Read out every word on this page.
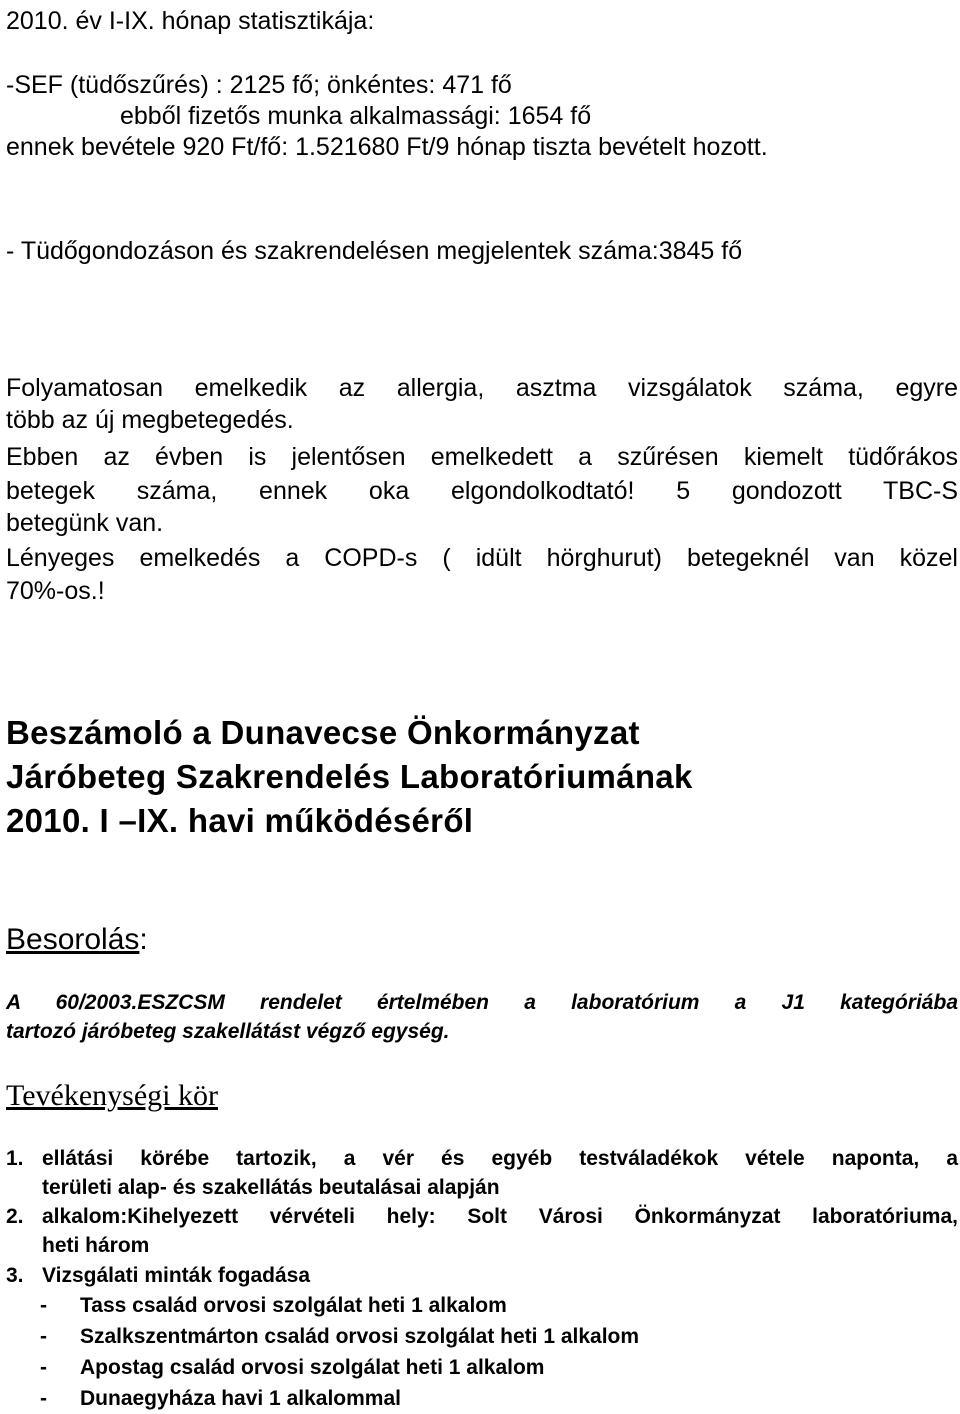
2010. év I-IX. hónap statisztikája:

-SEF (tüdőszűrés) : 2125 fő; önkéntes: 471 fő

ebből fizetős munka alkalmassági: 1654 fő

ennek bevétele 920 Ft/fő: 1.521680 Ft/9 hónap tiszta bevételt hozott.

- Tüdőgondozáson és szakrendelésen megjelentek száma:3845 fő

Folyamatosan emelkedik az allergia, asztma vizsgálatok száma, egyre

több az új megbetegedés.

Ebben az évben is jelentősen emelkedett a szűrésen kiemelt tüdőrákos

betegek száma, ennek oka elgondolkodtató! 5 gondozott TBC-S

betegünk van.

Lényeges emelkedés a COPD-s ( idült hörghurut) betegeknél van közel

70%-os.!

Beszámoló a Dunavecse Önkormányzat

Járóbeteg Szakrendelés Laboratóriumának

2010. I –IX. havi működéséről

Besorolás:

A 60/2003.ESZCSM rendelet értelmében a laboratórium a J1 kategóriába

tartozó járóbeteg szakellátást végző egység.

Tevékenységi kör

1. ellátási körébe tartozik, a vér és egyéb testváladékok vétele naponta, a

területi alap- és szakellátás beutalásai alapján

2. alkalom:Kihelyezett vérvételi hely: Solt Városi Önkormányzat laboratóriuma,

heti három

3. Vizsgálati minták fogadása

- Tass család orvosi szolgálat heti 1 alkalom

- Szalkszentmárton család orvosi szolgálat heti 1 alkalom

- Apostag család orvosi szolgálat heti 1 alkalom

- Dunaegyháza havi 1 alkalommal
